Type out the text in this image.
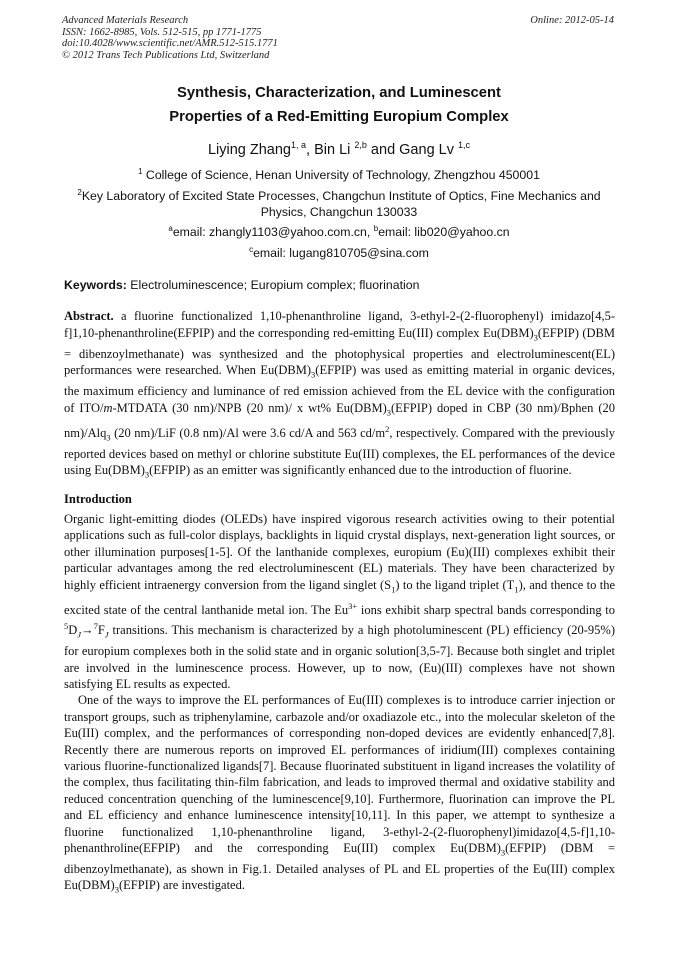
Advanced Materials Research
ISSN: 1662-8985, Vols. 512-515, pp 1771-1775
doi:10.4028/www.scientific.net/AMR.512-515.1771
© 2012 Trans Tech Publications Ltd, Switzerland
Online: 2012-05-14
Synthesis, Characterization, and Luminescent
Properties of a Red-Emitting Europium Complex
Liying Zhang$^{1, a}$, Bin Li $^{2,b}$ and Gang Lv $^{1,c}$
$^1$ College of Science, Henan University of Technology, Zhengzhou 450001
$^2$Key Laboratory of Excited State Processes, Changchun Institute of Optics, Fine Mechanics and Physics, Changchun 130033
$^a$email: zhangly1103@yahoo.com.cn, $^b$email: lib020@yahoo.cn
$^c$email: lugang810705@sina.com
Keywords: Electroluminescence; Europium complex; fluorination

Abstract. a fluorine functionalized 1,10-phenanthroline ligand, 3-ethyl-2-(2-fluorophenyl) imidazo[4,5-f]1,10-phenanthroline(EFPIP) and the corresponding red-emitting Eu(III) complex $Eu(DBM)_3(EFPIP) (DBM$ = dibenzoylmethanate) was synthesized and the photophysical properties and electroluminescent(EL) performances were researched. When $Eu(DBM)_3(EFPIP)$ was used as emitting material in organic devices, the maximum efficiency and luminance of red emission achieved from the EL device with the configuration of ITO/m-MTDATA (30 nm)/NPB (20 nm)/ x wt% $Eu(DBM)_3(EFPIP)$ doped in CBP (30 nm)/Bphen (20 nm)/Alq$_3$ (20 nm)/LiF (0.8 nm)/Al were 3.6 cd/A and 563 $cd/m^2$, respectively. Compared with the previously reported devices based on methyl or chlorine substitute Eu(III) complexes, the EL performances of the device using $Eu(DBM)_3(EFPIP)$ as an emitter was significantly enhanced due to the introduction of fluorine.

Introduction

Organic light-emitting diodes (OLEDs) have inspired vigorous research activities owing to their potential applications such as full-color displays, backlights in liquid crystal displays, next-generation light sources, or other illumination purposes[1-5]. Of the lanthanide complexes, europium (Eu)(III) complexes exhibit their particular advantages among the red electroluminescent (EL) materials. They have been characterized by highly efficient intraenergy conversion from the ligand singlet $(S_1)$ to the ligand triplet $(T_1)$, and thence to the excited state of the central lanthanide metal ion. The $Eu^{3+}$ ions exhibit sharp spectral bands corresponding to $^5D_J\to^7F_J$ transitions. This mechanism is characterized by a high photoluminescent (PL) efficiency (20-95%) for europium complexes both in the solid state and in organic solution[3,5-7]. Because both singlet and triplet are involved in the luminescence process. However, up to now, (Eu)(III) complexes have not shown satisfying EL results as expected.

One of the ways to improve the EL performances of Eu(III) complexes is to introduce carrier injection or transport groups, such as triphenylamine, carbazole and/or oxadiazole etc., into the molecular skeleton of the Eu(III) complex, and the performances of corresponding non-doped devices are evidently enhanced[7,8]. Recently there are numerous reports on improved EL performances of iridium(III) complexes containing various fluorine-functionalized ligands[7]. Because fluorinated substituent in ligand increases the volatility of the complex, thus facilitating thin-film fabrication, and leads to improved thermal and oxidative stability and reduced concentration quenching of the luminescence[9,10]. Furthermore, fluorination can improve the PL and EL efficiency and enhance luminescence intensity[10,11]. In this paper, we attempt to synthesize a fluorine functionalized 1,10-phenanthroline ligand, 3-ethyl-2-(2-fluorophenyl)imidazo[4,5-f]1,10-phenanthroline(EFPIP) and the corresponding Eu(III) complex $Eu(DBM)_3(EFPIP) (DBM$ = dibenzoylmethanate), as shown in Fig.1. Detailed analyses of PL and EL properties of the Eu(III) complex $Eu(DBM)_3(EFPIP)$ are investigated.
